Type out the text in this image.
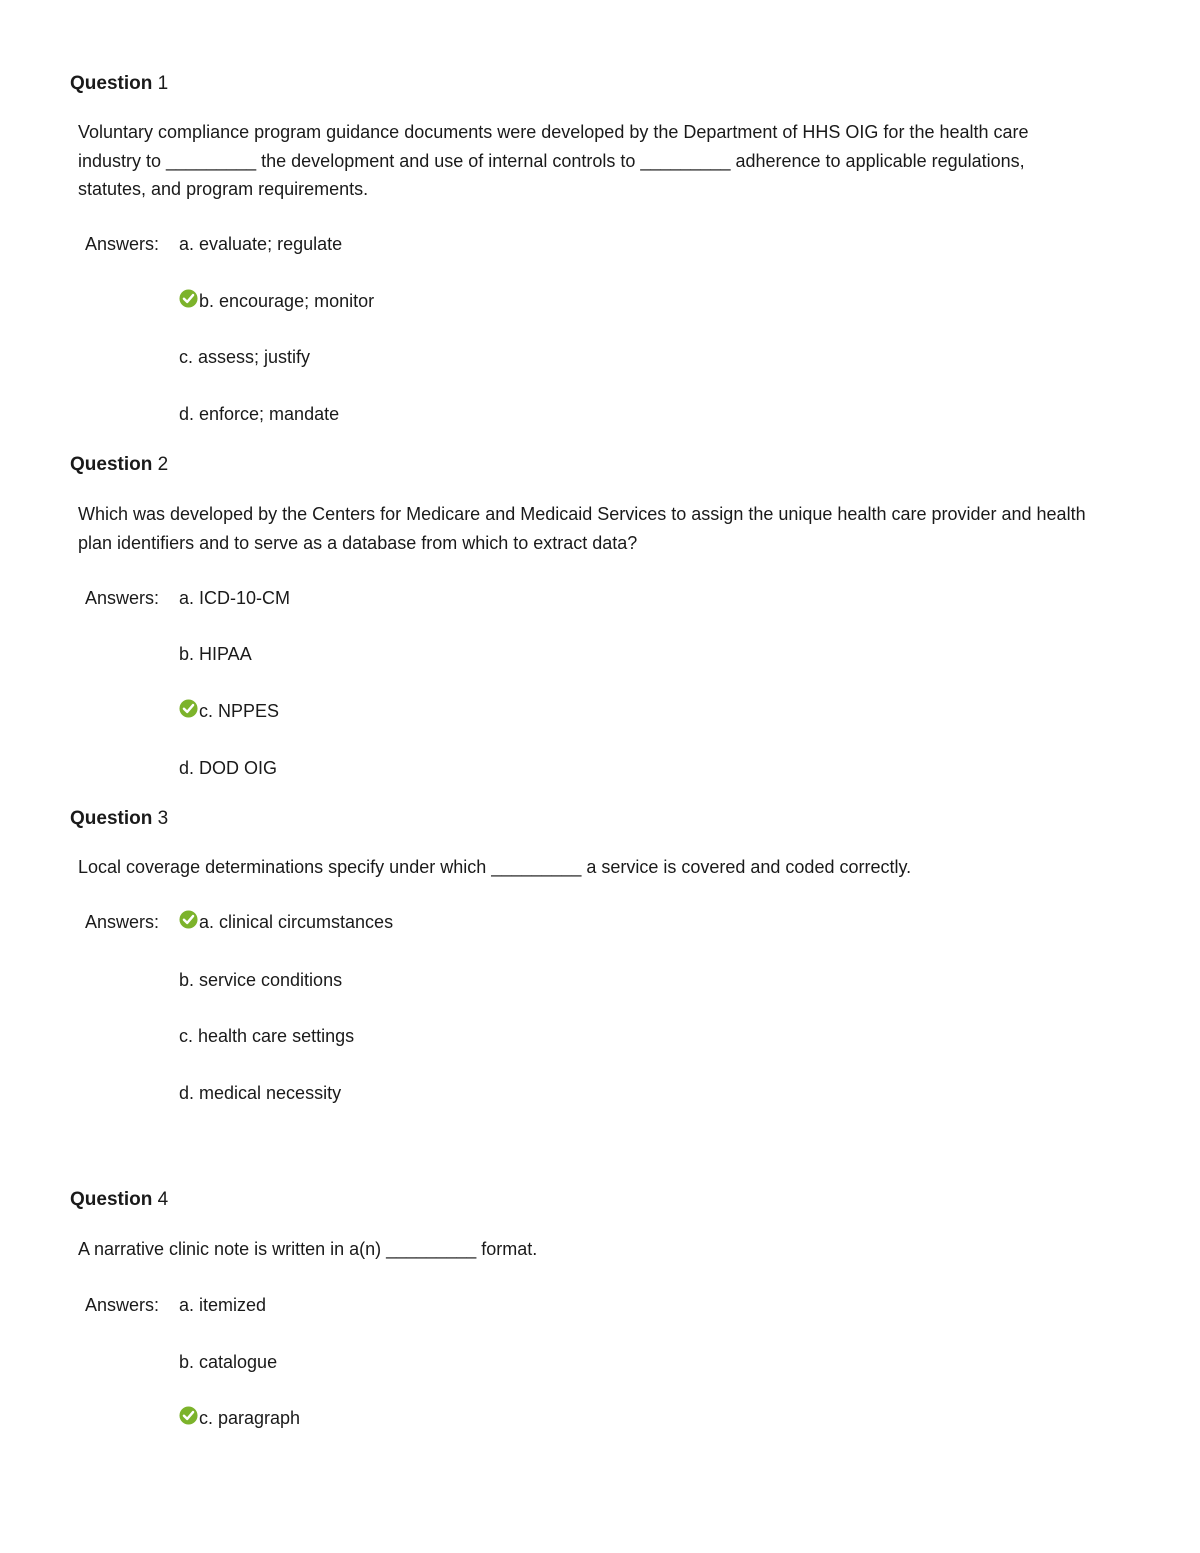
Question 1
Voluntary compliance program guidance documents were developed by the Department of HHS OIG for the health care industry to _________ the development and use of internal controls to _________ adherence to applicable regulations, statutes, and program requirements.
Answers: a. evaluate; regulate
b. encourage; monitor
c. assess; justify
d. enforce; mandate
Question 2
Which was developed by the Centers for Medicare and Medicaid Services to assign the unique health care provider and health plan identifiers and to serve as a database from which to extract data?
Answers: a. ICD-10-CM
b. HIPAA
c. NPPES
d. DOD OIG
Question 3
Local coverage determinations specify under which _________ a service is covered and coded correctly.
Answers: a. clinical circumstances
b. service conditions
c. health care settings
d. medical necessity
Question 4
A narrative clinic note is written in a(n) _________ format.
Answers: a. itemized
b. catalogue
c. paragraph
